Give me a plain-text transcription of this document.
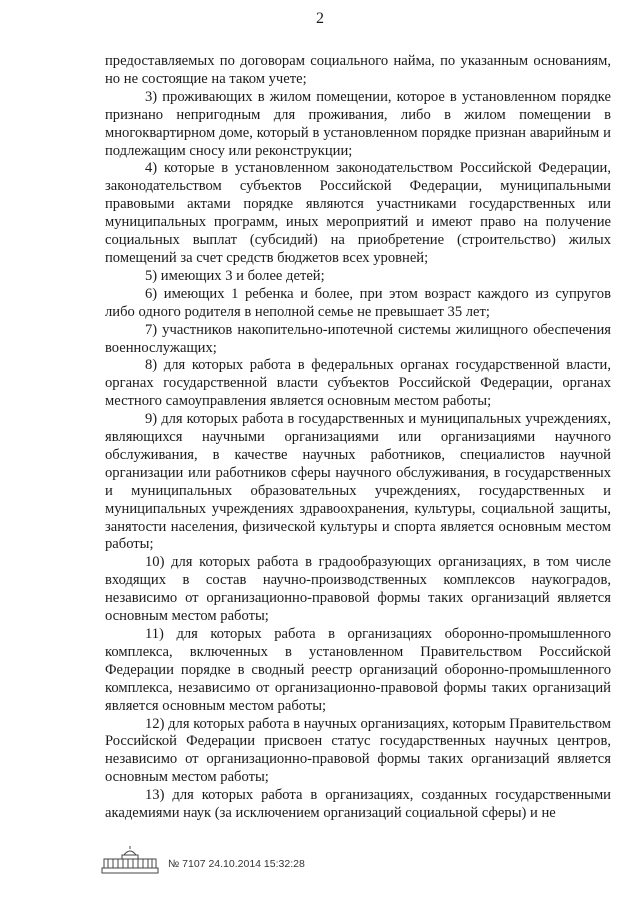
2

предоставляемых по договорам социального найма, по указанным основаниям, но не состоящие на таком учете;

3) проживающих в жилом помещении, которое в установленном порядке признано непригодным для проживания, либо в жилом помещении в многоквартирном доме, который в установленном порядке признан аварийным и подлежащим сносу или реконструкции;

4) которые в установленном законодательством Российской Федерации, законодательством субъектов Российской Федерации, муниципальными правовыми актами порядке являются участниками государственных или муниципальных программ, иных мероприятий и имеют право на получение социальных выплат (субсидий) на приобретение (строительство) жилых помещений за счет средств бюджетов всех уровней;

5) имеющих 3 и более детей;

6) имеющих 1 ребенка и более, при этом возраст каждого из супругов либо одного родителя в неполной семье не превышает 35 лет;

7) участников накопительно-ипотечной системы жилищного обеспечения военнослужащих;

8) для которых работа в федеральных органах государственной власти, органах государственной власти субъектов Российской Федерации, органах местного самоуправления является основным местом работы;

9) для которых работа в государственных и муниципальных учреждениях, являющихся научными организациями или организациями научного обслуживания, в качестве научных работников, специалистов научной организации или работников сферы научного обслуживания, в государственных и муниципальных образовательных учреждениях, государственных и муниципальных учреждениях здравоохранения, культуры, социальной защиты, занятости населения, физической культуры и спорта является основным местом работы;

10) для которых работа в градообразующих организациях, в том числе входящих в состав научно-производственных комплексов наукоградов, независимо от организационно-правовой формы таких организаций является основным местом работы;

11) для которых работа в организациях оборонно-промышленного комплекса, включенных в установленном Правительством Российской Федерации порядке в сводный реестр организаций оборонно-промышленного комплекса, независимо от организационно-правовой формы таких организаций является основным местом работы;

12) для которых работа в научных организациях, которым Правительством Российской Федерации присвоен статус государственных научных центров, независимо от организационно-правовой формы таких организаций является основным местом работы;

13) для которых работа в организациях, созданных государственными академиями наук (за исключением организаций социальной сферы) и не

№ 7107 24.10.2014 15:32:28
